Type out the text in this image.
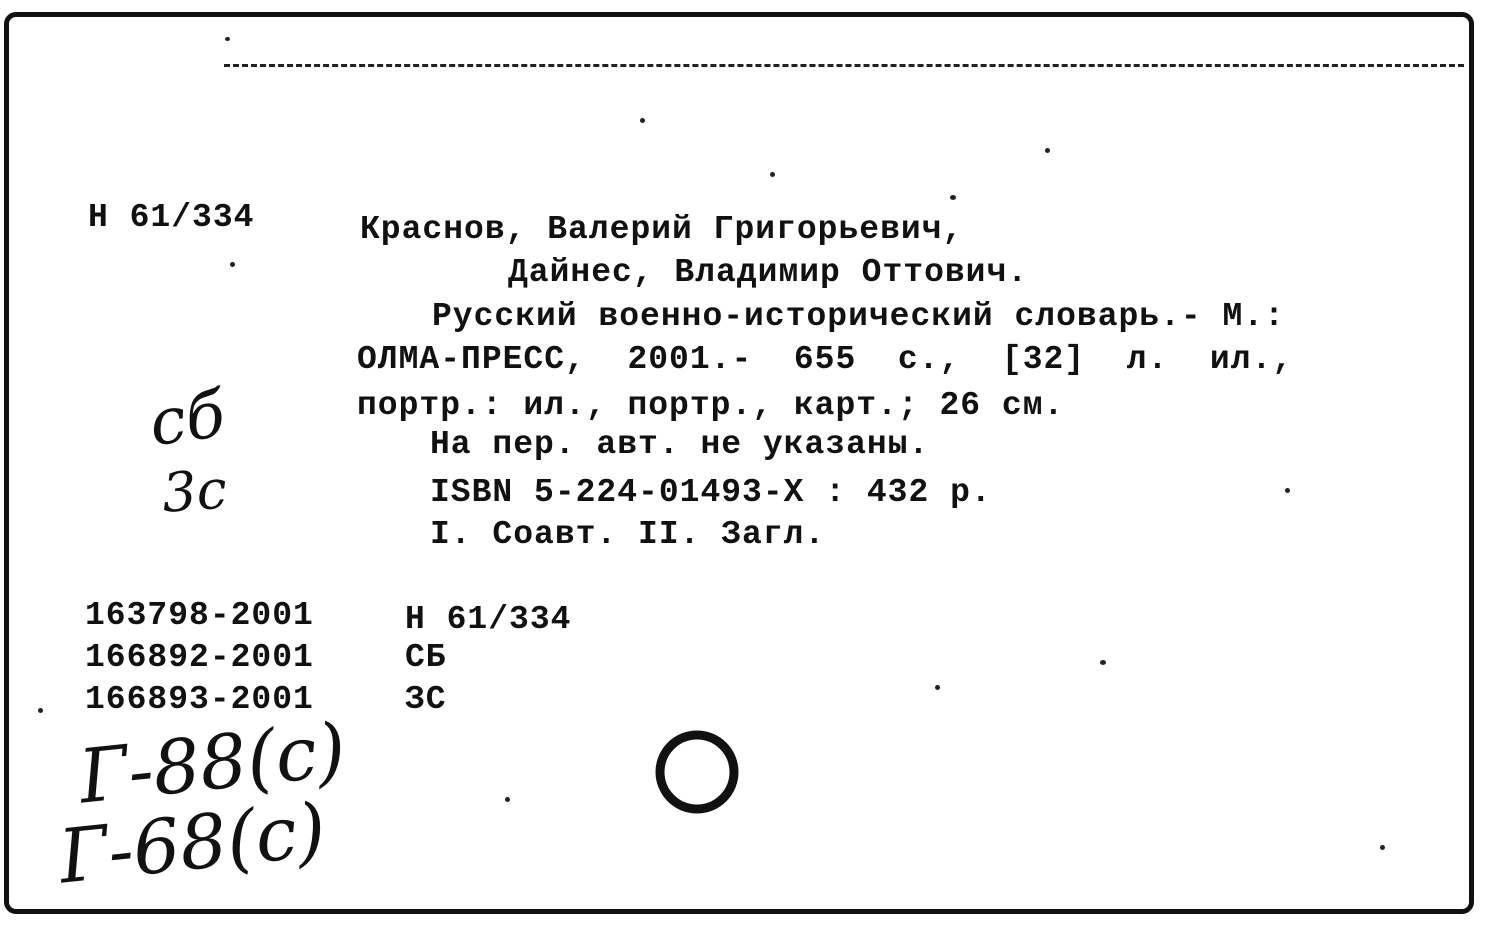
Н 61/334	Краснов, Валерий Григорьевич,
Дайнес, Владимир Оттович.
Русский военно-исторический словарь.- М.:
ОЛМА-ПРЕСС,  2001.-  655  с.,  [32]  л.  ил.,
портр.: ил., портр., карт.; 26 см.
На пер. авт. не указаны.
ISBN 5-224-01493-X : 432 р.
I. Соавт. II. Загл.
163798-2001	Н 61/334
166892-2001	СБ
166893-2001	ЗС
сб
3с
Г-88(с)
Г-68(с)
